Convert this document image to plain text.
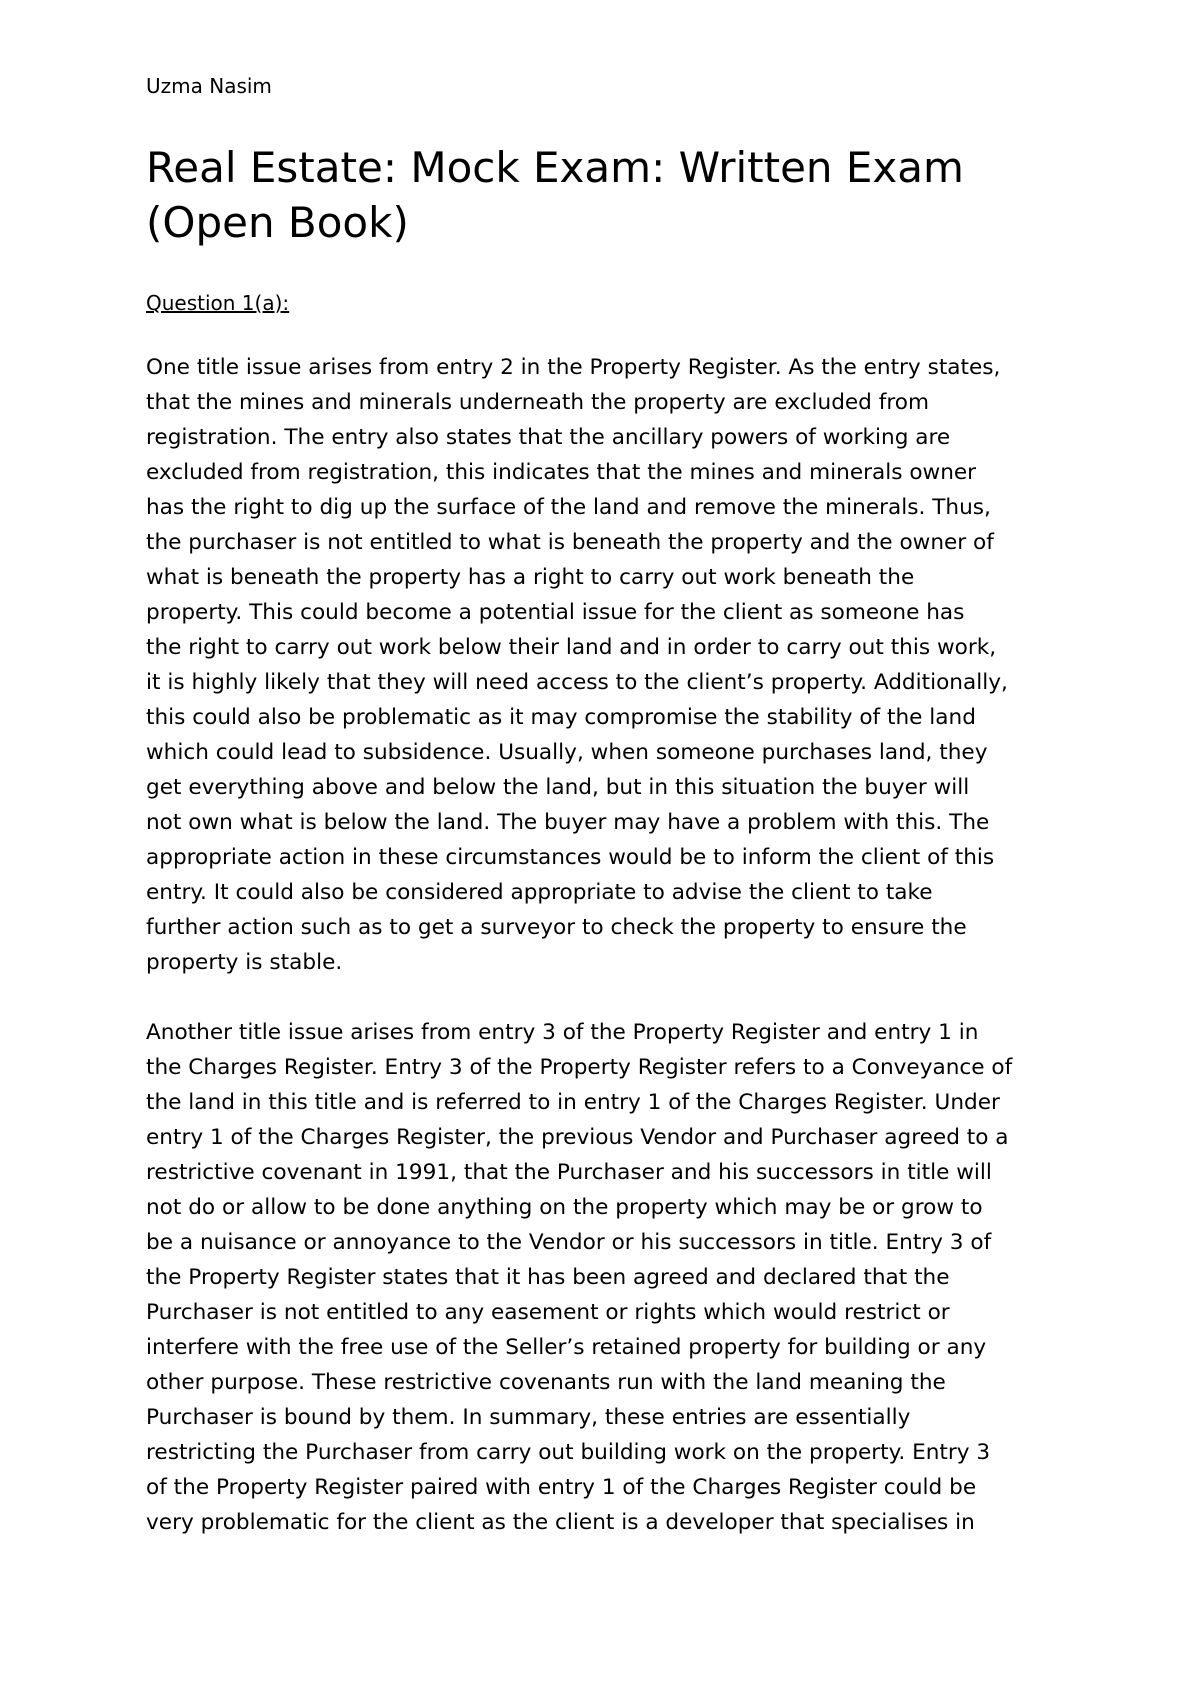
Uzma Nasim

Real Estate: Mock Exam: Written Exam
(Open Book)

Question 1(a):

One title issue arises from entry 2 in the Property Register. As the entry states,
that the mines and minerals underneath the property are excluded from
registration. The entry also states that the ancillary powers of working are
excluded from registration, this indicates that the mines and minerals owner
has the right to dig up the surface of the land and remove the minerals. Thus,
the purchaser is not entitled to what is beneath the property and the owner of
what is beneath the property has a right to carry out work beneath the
property. This could become a potential issue for the client as someone has
the right to carry out work below their land and in order to carry out this work,
it is highly likely that they will need access to the client’s property. Additionally,
this could also be problematic as it may compromise the stability of the land
which could lead to subsidence. Usually, when someone purchases land, they
get everything above and below the land, but in this situation the buyer will
not own what is below the land. The buyer may have a problem with this. The
appropriate action in these circumstances would be to inform the client of this
entry. It could also be considered appropriate to advise the client to take
further action such as to get a surveyor to check the property to ensure the
property is stable.

Another title issue arises from entry 3 of the Property Register and entry 1 in
the Charges Register. Entry 3 of the Property Register refers to a Conveyance of
the land in this title and is referred to in entry 1 of the Charges Register. Under
entry 1 of the Charges Register, the previous Vendor and Purchaser agreed to a
restrictive covenant in 1991, that the Purchaser and his successors in title will
not do or allow to be done anything on the property which may be or grow to
be a nuisance or annoyance to the Vendor or his successors in title. Entry 3 of
the Property Register states that it has been agreed and declared that the
Purchaser is not entitled to any easement or rights which would restrict or
interfere with the free use of the Seller’s retained property for building or any
other purpose. These restrictive covenants run with the land meaning the
Purchaser is bound by them. In summary, these entries are essentially
restricting the Purchaser from carry out building work on the property. Entry 3
of the Property Register paired with entry 1 of the Charges Register could be
very problematic for the client as the client is a developer that specialises in
